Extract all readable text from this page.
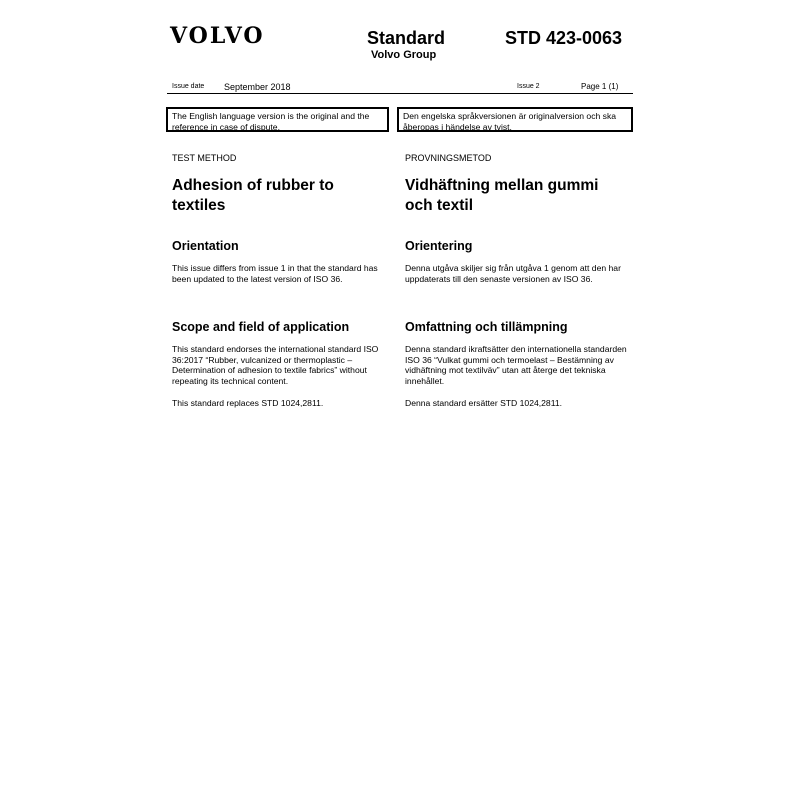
VOLVO	Standard
Volvo Group
STD 423-0063
Issue date September 2018	Issue 2	Page 1 (1)
The English language version is the original and the reference in case of dispute.
Den engelska språkversionen är originalversion och ska åberopas i händelse av tvist.
TEST METHOD
Adhesion of rubber to textiles
Orientation
This issue differs from issue 1 in that the standard has been updated to the latest version of ISO 36.
Scope and field of application
This standard endorses the international standard ISO 36:2017 “Rubber, vulcanized or thermoplastic – Determination of adhesion to textile fabrics” without repeating its technical content.
This standard replaces STD 1024,2811.
PROVNINGSMETOD
Vidhäftning mellan gummi och textil
Orientering
Denna utgåva skiljer sig från utgåva 1 genom att den har uppdaterats till den senaste versionen av ISO 36.
Omfattning och tillämpning
Denna standard ikraftsätter den internationella standarden ISO 36 “Vulkat gummi och termoelast – Bestämning av vidhäftning mot textilväv” utan att återge det tekniska innehållet.
Denna standard ersätter STD 1024,2811.
